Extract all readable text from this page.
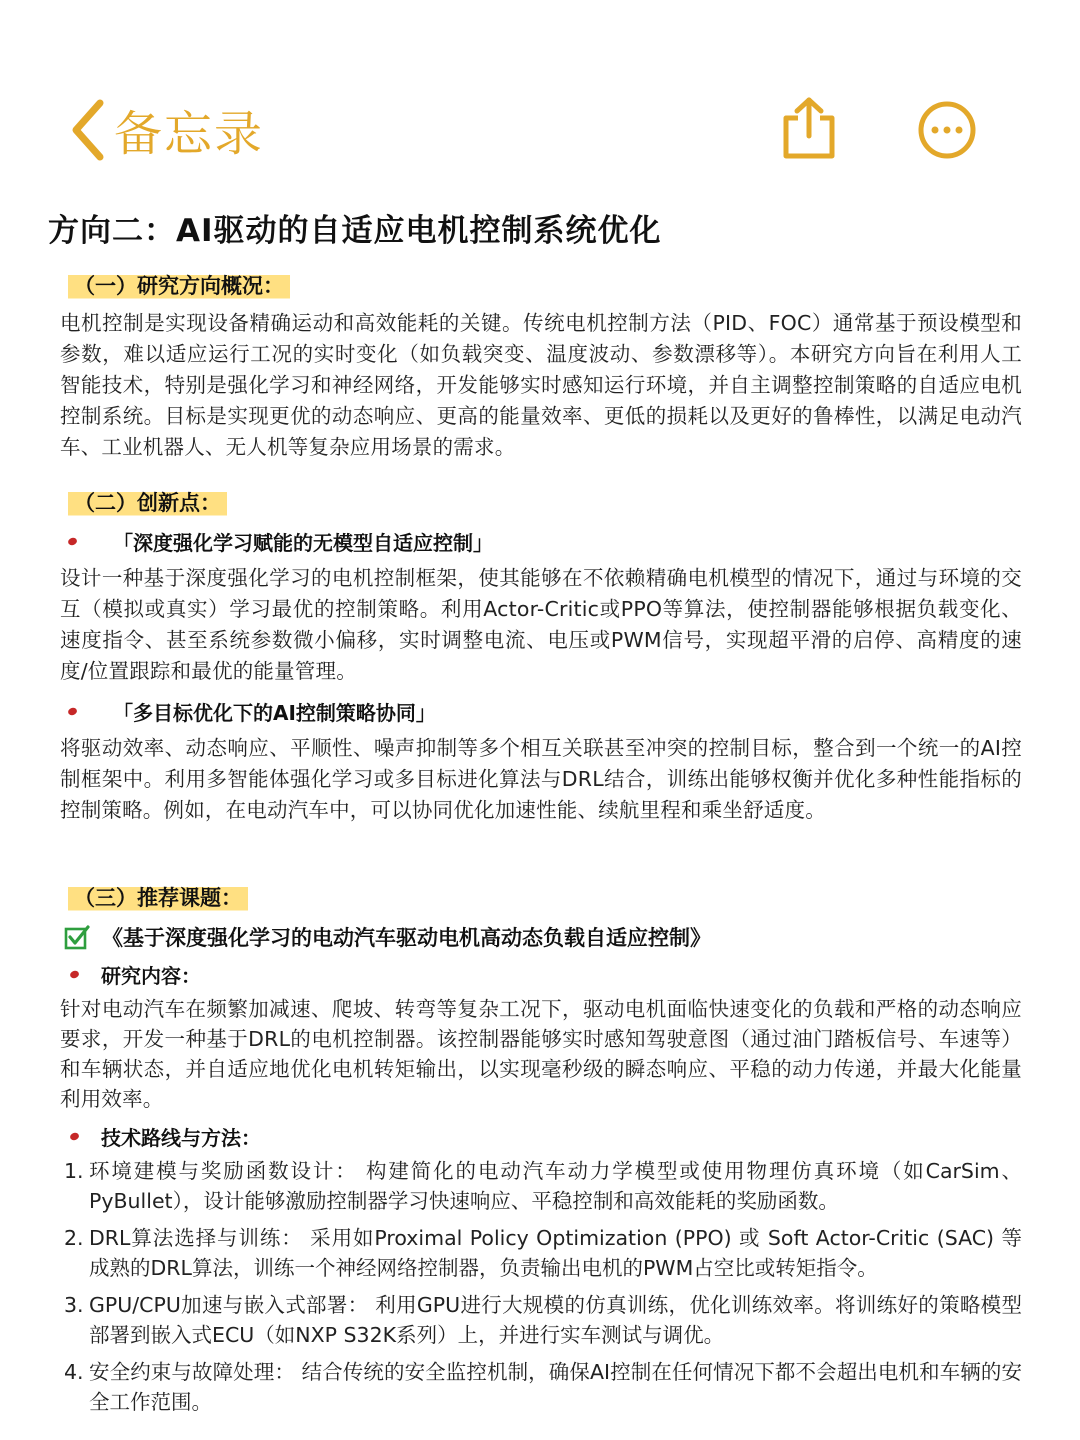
备忘录
方向二：AI驱动的自适应电机控制系统优化
（一）研究方向概况：

电机控制是实现设备精确运动和高效能耗的关键。传统电机控制方法（PID、FOC）通常基于预设模型和参数，难以适应运行工况的实时变化（如负载突变、温度波动、参数漂移等）。本研究方向旨在利用人工智能技术，特别是强化学习和神经网络，开发能够实时感知运行环境，并自主调整控制策略的自适应电机控制系统。目标是实现更优的动态响应、更高的能量效率、更低的损耗以及更好的鲁棒性，以满足电动汽车、工业机器人、无人机等复杂应用场景的需求。

（二）创新点：
「深度强化学习赋能的无模型自适应控制」

设计一种基于深度强化学习的电机控制框架，使其能够在不依赖精确电机模型的情况下，通过与环境的交互（模拟或真实）学习最优的控制策略。利用Actor-Critic或PPO等算法，使控制器能够根据负载变化、速度指令、甚至系统参数微小偏移，实时调整电流、电压或PWM信号，实现超平滑的启停、高精度的速度/位置跟踪和最优的能量管理。

「多目标优化下的AI控制策略协同」

将驱动效率、动态响应、平顺性、噪声抑制等多个相互关联甚至冲突的控制目标，整合到一个统一的AI控制框架中。利用多智能体强化学习或多目标进化算法与DRL结合，训练出能够权衡并优化多种性能指标的控制策略。例如，在电动汽车中，可以协同优化加速性能、续航里程和乘坐舒适度。

（三）推荐课题：
《基于深度强化学习的电动汽车驱动电机高动态负载自适应控制》
研究内容：

针对电动汽车在频繁加减速、爬坡、转弯等复杂工况下，驱动电机面临快速变化的负载和严格的动态响应要求，开发一种基于DRL的电机控制器。该控制器能够实时感知驾驶意图（通过油门踏板信号、车速等）和车辆状态，并自适应地优化电机转矩输出，以实现毫秒级的瞬态响应、平稳的动力传递，并最大化能量利用效率。

技术路线与方法：
1. 环境建模与奖励函数设计： 构建简化的电动汽车动力学模型或使用物理仿真环境（如CarSim、PyBullet），设计能够激励控制器学习快速响应、平稳控制和高效能耗的奖励函数。
2. DRL算法选择与训练： 采用如Proximal Policy Optimization (PPO) 或 Soft Actor-Critic (SAC) 等成熟的DRL算法，训练一个神经网络控制器，负责输出电机的PWM占空比或转矩指令。
3. GPU/CPU加速与嵌入式部署： 利用GPU进行大规模的仿真训练，优化训练效率。将训练好的策略模型部署到嵌入式ECU（如NXP S32K系列）上，并进行实车测试与调优。
4. 安全约束与故障处理： 结合传统的安全监控机制，确保AI控制在任何情况下都不会超出电机和车辆的安全工作范围。
